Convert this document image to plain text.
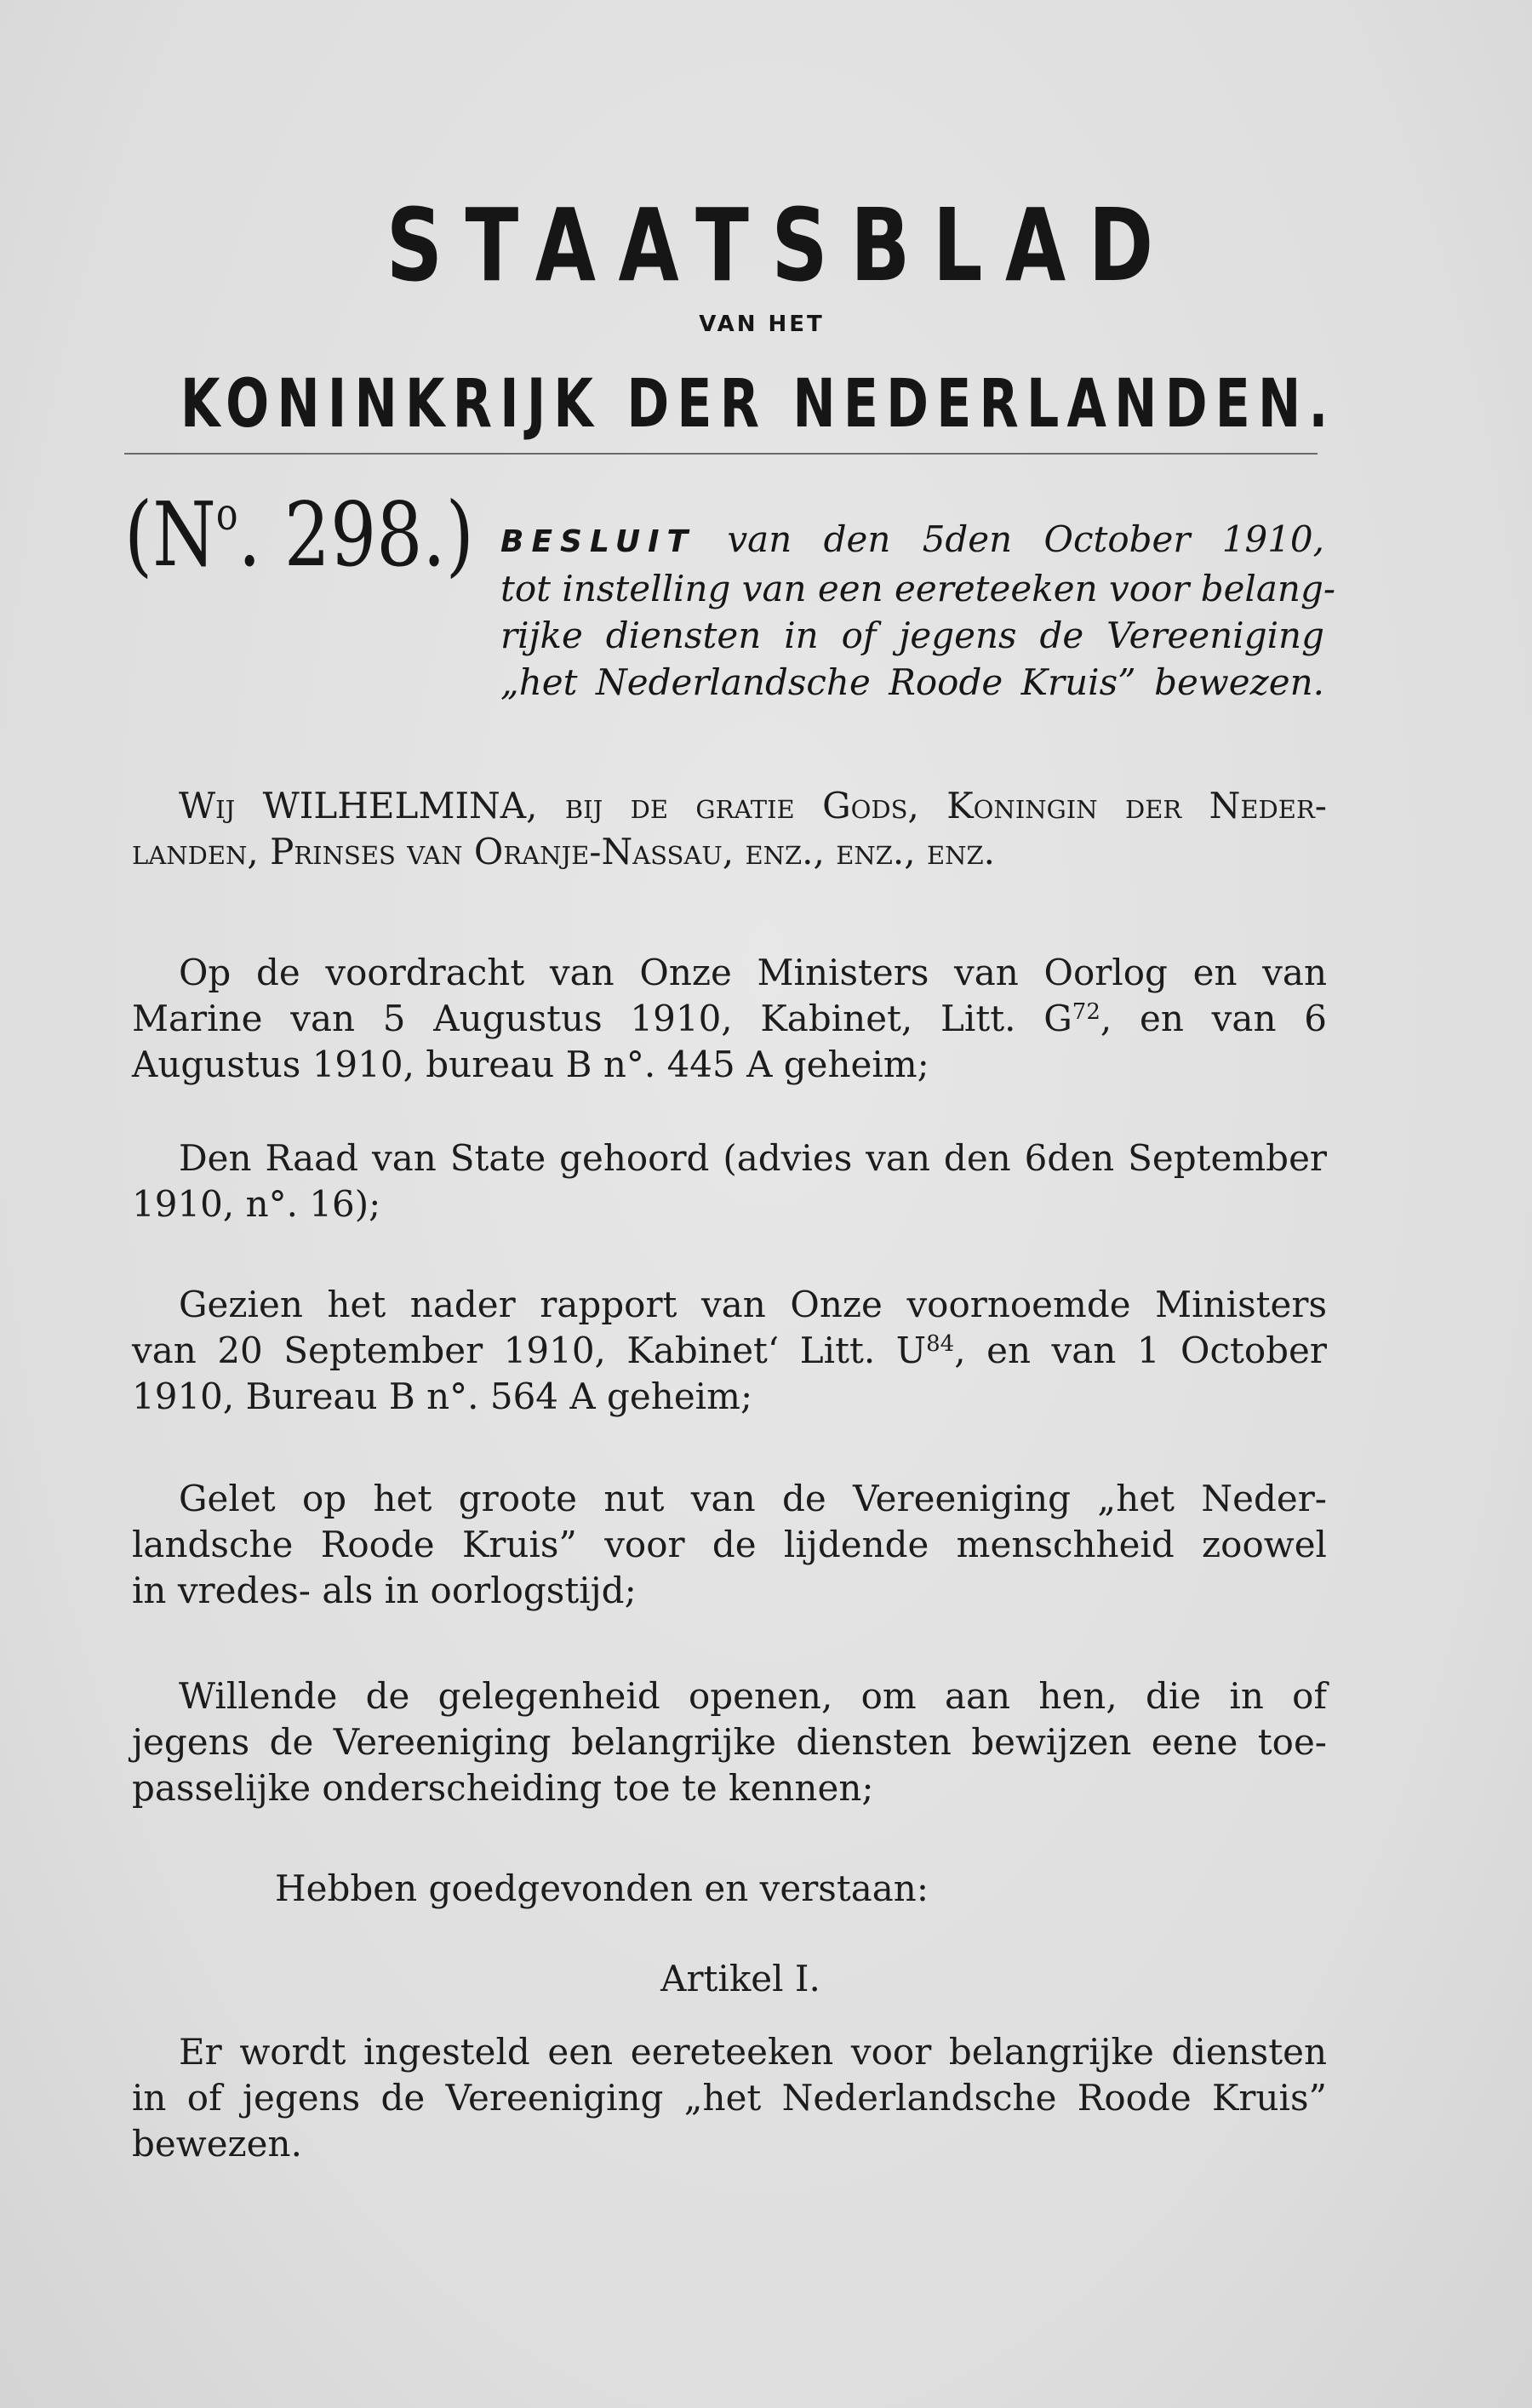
STAATSBLAD
VAN HET
KONINKRIJK DER NEDERLANDEN.
($N^o$. 298.) BESLUIT van den 5den October 1910,
tot instelling van een eereteeken voor belang-
rijke diensten in of jegens de Vereeniging
„het Nederlandsche Roode Kruis” bewezen.
Wij WILHELMINA, bij de gratie Gods, Koningin der Neder-
landen, Prinses van Oranje-Nassau, enz., enz., enz.
Op de voordracht van Onze Ministers van Oorlog en van
Marine van 5 Augustus 1910, Kabinet, Litt. $G^{72}$, en van 6
Augustus 1910, bureau B n°. 445 A geheim;
Den Raad van State gehoord (advies van den 6den September
1910, n°. 16);
Gezien het nader rapport van Onze voornoemde Ministers
van 20 September 1910, Kabinet‘ Litt. $U^{84}$, en van 1 October
1910, Bureau B n°. 564 A geheim;
Gelet op het groote nut van de Vereeniging „het Neder-
landsche Roode Kruis” voor de lijdende menschheid zoowel
in vredes- als in oorlogstijd;
Willende de gelegenheid openen, om aan hen, die in of
jegens de Vereeniging belangrijke diensten bewijzen eene toe-
passelijke onderscheiding toe te kennen;
Hebben goedgevonden en verstaan:
Artikel I.
Er wordt ingesteld een eereteeken voor belangrijke diensten
in of jegens de Vereeniging „het Nederlandsche Roode Kruis”
bewezen.
